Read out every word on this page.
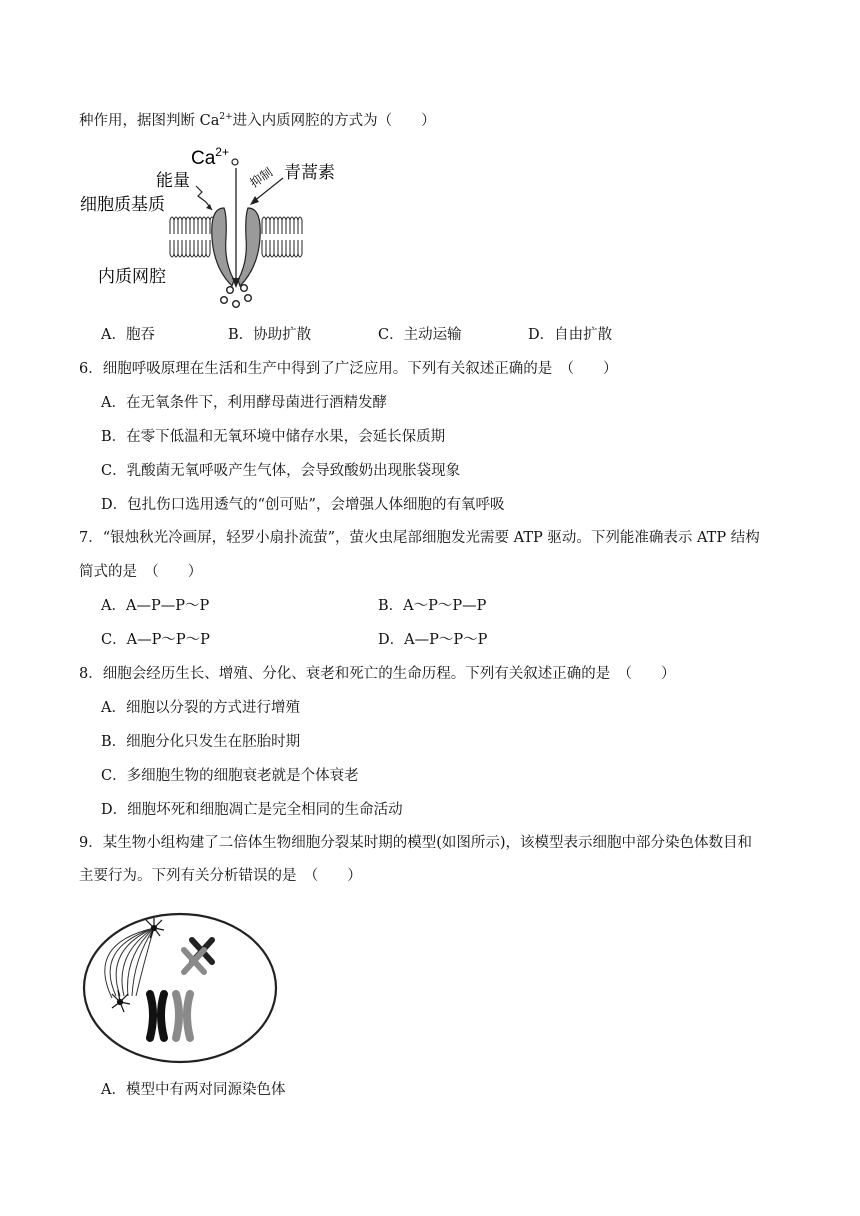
种作用，据图判断 $Ca^{2+}$进入内质网腔的方式为（　　）
$Ca^{2+}$
能量	青蒿素
抑制
细胞质基质
内质网腔
A．胞吞	B．协助扩散	C．主动运输	D．自由扩散
6．细胞呼吸原理在生活和生产中得到了广泛应用。下列有关叙述正确的是　（　　）
A．在无氧条件下，利用酵母菌进行酒精发酵
B．在零下低温和无氧环境中储存水果，会延长保质期
C．乳酸菌无氧呼吸产生气体，会导致酸奶出现胀袋现象
D．包扎伤口选用透气的“创可贴”，会增强人体细胞的有氧呼吸
7．“银烛秋光冷画屏，轻罗小扇扑流萤”，萤火虫尾部细胞发光需要 ATP 驱动。下列能准确表示 ATP 结构
简式的是　（　　）
A．A—P—P～P	B．A～P～P—P
C．A—P～P～P	D．A—P～P～P
8．细胞会经历生长、增殖、分化、衰老和死亡的生命历程。下列有关叙述正确的是　（　　）
A．细胞以分裂的方式进行增殖
B．细胞分化只发生在胚胎时期
C．多细胞生物的细胞衰老就是个体衰老
D．细胞坏死和细胞凋亡是完全相同的生命活动
9．某生物小组构建了二倍体生物细胞分裂某时期的模型(如图所示)，该模型表示细胞中部分染色体数目和
主要行为。下列有关分析错误的是　（　　）
A．模型中有两对同源染色体
